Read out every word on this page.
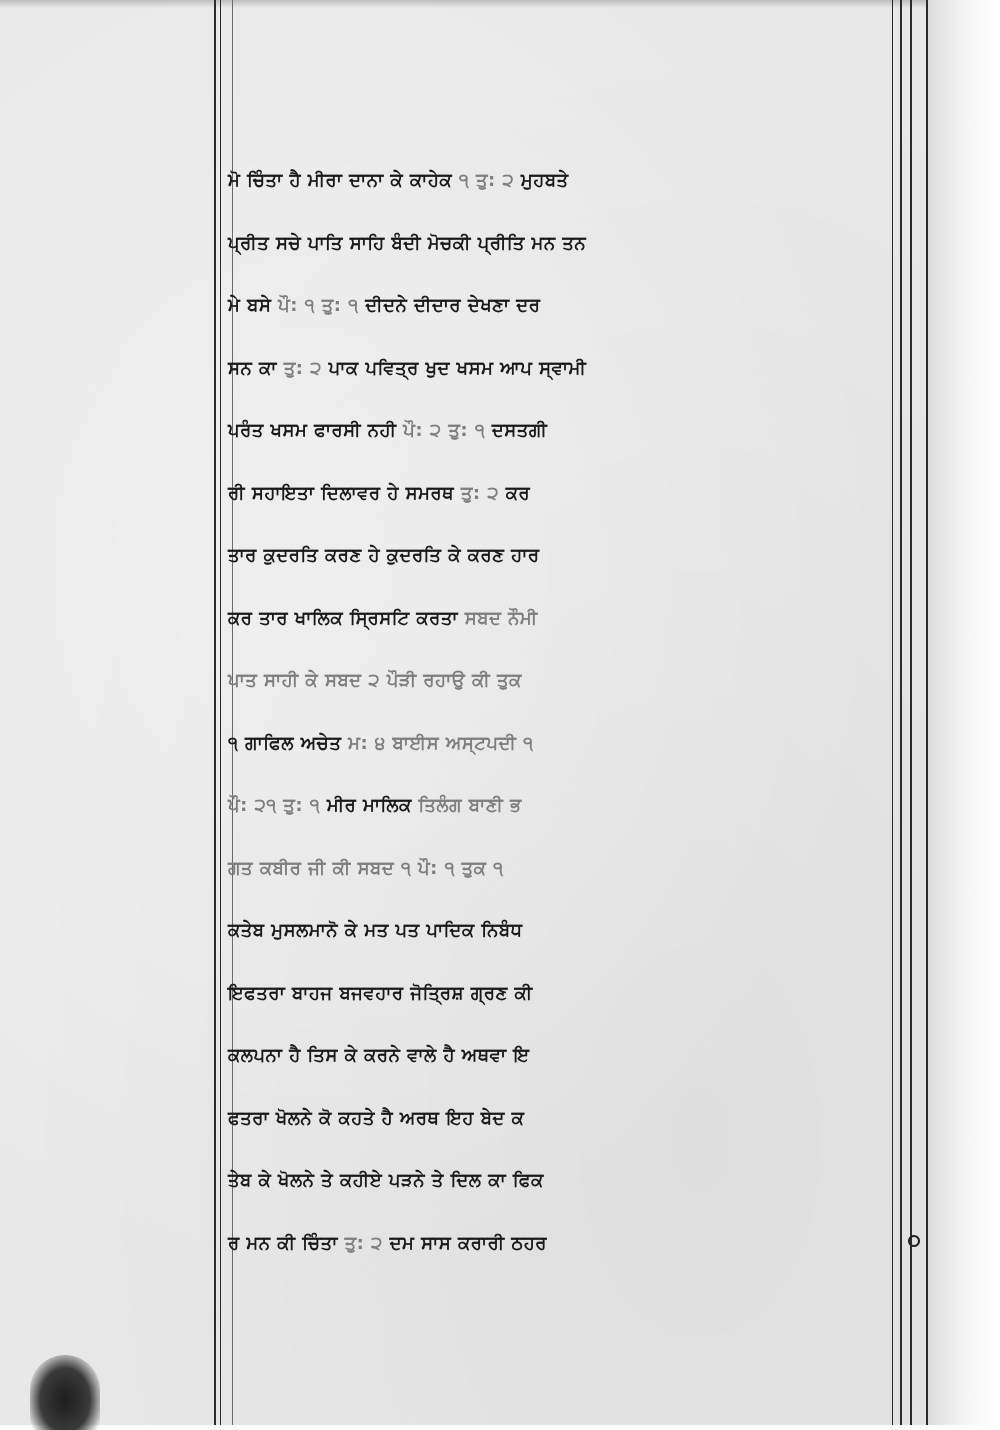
ਮੋ ਚਿੰਤਾ ਹੈ ਮੀਰਾ ਦਾਨਾ ਕੇ ਕਾਹੇਕ ੧ ਤੁ: ੨ ਮੁਹਬਤੇ
ਪ੍ਰੀਤ ਸਚੇ ਪਾਤਿ ਸਾਹਿ ਬੰਦੀ ਮੋਚਕੀ ਪ੍ਰੀਤਿ ਮਨ ਤਨ
ਮੇ ਬਸੇ ਪੌ: ੧ ਤੁ: ੧ ਦੀਦਨੇ ਦੀਦਾਰ ਦੇਖਣਾ ਦਰ
ਸਨ ਕਾ ਤੁ: ੨ ਪਾਕ ਪਵਿਤ੍ਰ ਖੁਦ ਖਸਮ ਆਪ ਸ੍ਵਾਮੀ
ਪਰੰਤ ਖਸਮ ਫਾਰਸੀ ਨਹੀ ਪੌ: ੨ ਤੁ: ੧ ਦਸਤਗੀ
ਰੀ ਸਹਾਇਤਾ ਦਿਲਾਵਰ ਹੇ ਸਮਰਥ ਤੁ: ੨ ਕਰ
ਤਾਰ ਕੁਦਰਤਿ ਕਰਣ ਹੇ ਕੁਦਰਤਿ ਕੇ ਕਰਣ ਹਾਰ
ਕਰ ਤਾਰ ਖਾਲਿਕ ਸ੍ਰਿਸਟਿ ਕਰਤਾ ਸਬਦ ਨੌਮੀ
ਪਾਤ ਸਾਹੀ ਕੇ ਸਬਦ ੨ ਪੌੜੀ ਰਹਾਉ ਕੀ ਤੁਕ
੧ ਗਾਫਿਲ ਅਚੇਤ ਮ: ੪ ਬਾਈਸ ਅਸ੍ਟਪਦੀ ੧
ਪੌ: ੨੧ ਤੁ: ੧ ਮੀਰ ਮਾਲਿਕ ਤਿਲੰਗ ਬਾਣੀ ਭ
ਗਤ ਕਬੀਰ ਜੀ ਕੀ ਸਬਦ ੧ ਪੌ: ੧ ਤੁਕ ੧
ਕਤੇਬ ਮੁਸਲਮਾਨੋ ਕੇ ਮਤ ਪਤ ਪਾਦਿਕ ਨਿਬੰਧ
ਇਫਤਰਾ ਬਾਹਜ ਬਜਵਹਾਰ ਜੋਤ੍ਰਿਸ਼ ਗ੍ਰਣ ਕੀ
ਕਲਪਨਾ ਹੈ ਤਿਸ ਕੇ ਕਰਨੇ ਵਾਲੇ ਹੈ ਅਥਵਾ ਇ
ਫਤਰਾ ਖੋਲਨੇ ਕੋ ਕਹਤੇ ਹੈ ਅਰਥ ਇਹ ਬੇਦ ਕ
ਤੇਬ ਕੇ ਖੋਲਨੇ ਤੇ ਕਹੀਏ ਪੜਨੇ ਤੇ ਦਿਲ ਕਾ ਫਿਕ
ਰ ਮਨ ਕੀ ਚਿੰਤਾ ਤੁ: ੨ ਦਮ ਸਾਸ ਕਰਾਰੀ ਠਹਰ
